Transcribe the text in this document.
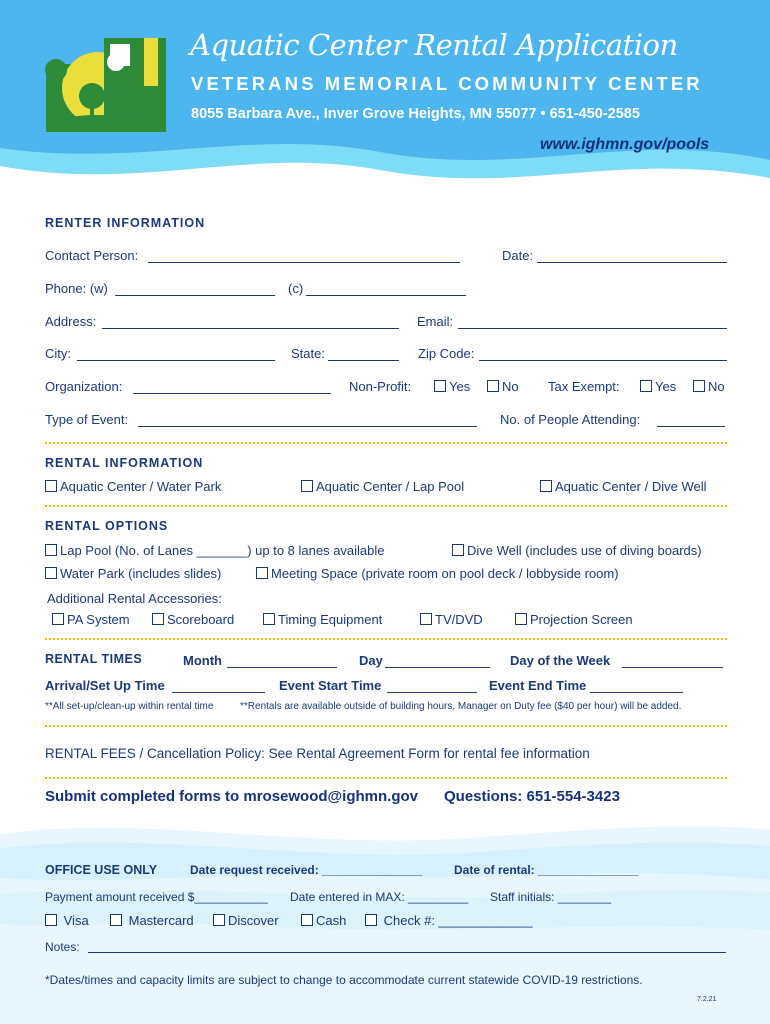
Aquatic Center Rental Application
VETERANS MEMORIAL COMMUNITY CENTER
8055 Barbara Ave., Inver Grove Heights, MN 55077 • 651-450-2585
www.ighmn.gov/pools
RENTER INFORMATION
Contact Person:	Date:
Phone: (w)	(c)
Address:	Email:
City:	State:	Zip Code:
Organization:	Non-Profit:	Yes	No Tax Exempt:	Yes	No
Type of Event:	No. of People Attending:
RENTAL INFORMATION
Aquatic Center / Water Park	Aquatic Center / Lap Pool	Aquatic Center / Dive Well
RENTAL OPTIONS
Lap Pool (No. of Lanes _______) up to 8 lanes available	Dive Well (includes use of diving boards)
Water Park (includes slides)	Meeting Space (private room on pool deck / lobbyside room)
Additional Rental Accessories:
PA System	Scoreboard	Timing Equipment	TV/DVD	Projection Screen
RENTAL TIMES	Month	Day	Day of the Week
Arrival/Set Up Time	Event Start Time	Event End Time
**All set-up/clean-up within rental time	**Rentals are available outside of building hours, Manager on Duty fee ($40 per hour) will be added.
RENTAL FEES / Cancellation Policy: See Rental Agreement Form for rental fee information
Submit completed forms to mrosewood@ighmn.gov Questions: 651-554-3423
OFFICE USE ONLY	Date request received: _______________	Date of rental: _______________
Payment amount received $___________ Date entered in MAX: _________ Staff initials: ________
Visa	Mastercard	Discover	Cash	Check #: _____________
Notes:
*Dates/times and capacity limits are subject to change to accommodate current statewide COVID-19 restrictions.
7.2.21
